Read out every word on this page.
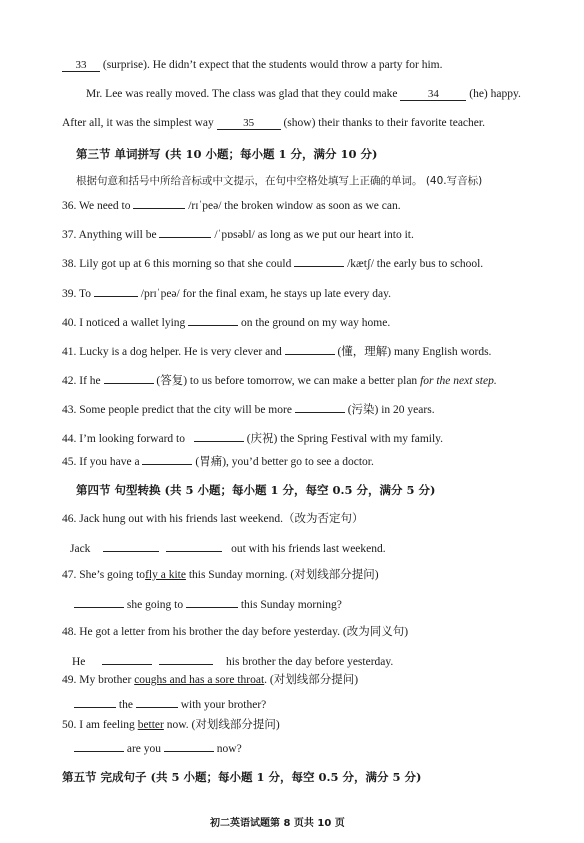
33 (surprise). He didn’t expect that the students would throw a party for him.
Mr. Lee was really moved. The class was glad that they could make	34	(he) happy.
After all, it was the simplest way	35	(show) their thanks to their favorite teacher.
第三节 单词拼写 (共 10 小题；每小题 1 分，满分 10 分)
根据句意和括号中所给音标或中文提示，在句中空格处填写上正确的单词。 (40.写音标)
36. We need to	/rɪˈpeə/ the broken window as soon as we can.
37. Anything will be	/ˈpɒsəbl/ as long as we put our heart into it.
38. Lily got up at 6 this morning so that she could	/kætʃ/ the early bus to school.
39. To	/prɪˈpeə/ for the final exam, he stays up late every day.
40. I noticed a wallet lying	on the ground on my way home.
41. Lucky is a dog helper. He is very clever and	(懂，理解) many English words.
42. If he	(答复) to us before tomorrow, we can make a better plan for the next step.
43. Some people predict that the city will be more	(污染) in 20 years.
44. I’m looking forward to	(庆祝) the Spring Festival with my family.
45. If you have a	(胃痛), you’d better go to see a doctor.
第四节 句型转换 (共 5 小题；每小题 1 分，每空 0.5 分，满分 5 分)
46. Jack hung out with his friends last weekend.（改为否定句）
Jack	out with his friends last weekend.
47. She’s going tofly a kite this Sunday morning. (对划线部分提问)
she going to	this Sunday morning?
48. He got a letter from his brother the day before yesterday. (改为同义句)
He	his brother the day before yesterday.
49. My brother coughs and has a sore throat. (对划线部分提问)
the	with your brother?
50. I am feeling better now. (对划线部分提问)
are you	now?
第五节 完成句子 (共 5 小题；每小题 1 分，每空 0.5 分，满分 5 分)
初二英语试题第 8 页共 10 页
